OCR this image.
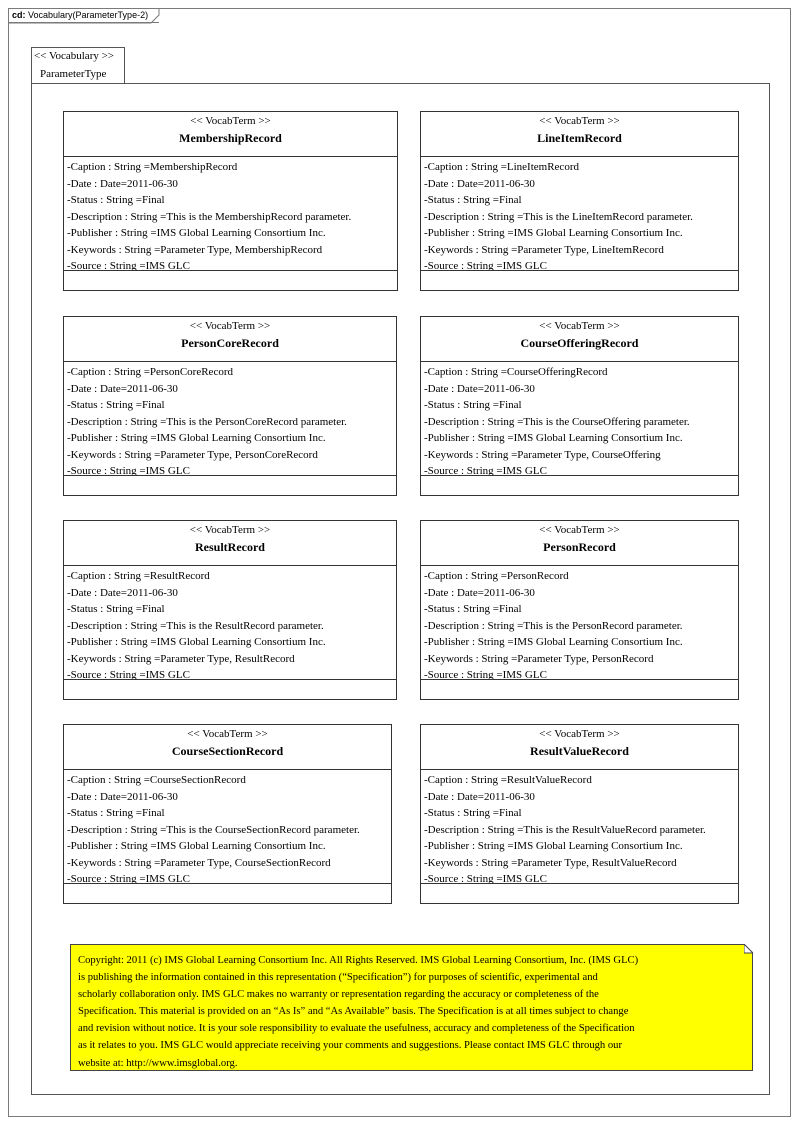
cd: Vocabulary(ParameterType-2)
<< Vocabulary >>
ParameterType
<< VocabTerm >>
MembershipRecord
-Caption : String =MembershipRecord
-Date : Date=2011-06-30
-Status : String =Final
-Description : String =This is the MembershipRecord parameter.
-Publisher : String =IMS Global Learning Consortium Inc.
-Keywords : String =Parameter Type, MembershipRecord
-Source : String =IMS GLC
<< VocabTerm >>
LineItemRecord
-Caption : String =LineItemRecord
-Date : Date=2011-06-30
-Status : String =Final
-Description : String =This is the LineItemRecord parameter.
-Publisher : String =IMS Global Learning Consortium Inc.
-Keywords : String =Parameter Type, LineItemRecord
-Source : String =IMS GLC
<< VocabTerm >>
PersonCoreRecord
-Caption : String =PersonCoreRecord
-Date : Date=2011-06-30
-Status : String =Final
-Description : String =This is the PersonCoreRecord parameter.
-Publisher : String =IMS Global Learning Consortium Inc.
-Keywords : String =Parameter Type, PersonCoreRecord
-Source : String =IMS GLC
<< VocabTerm >>
CourseOfferingRecord
-Caption : String =CourseOfferingRecord
-Date : Date=2011-06-30
-Status : String =Final
-Description : String =This is the CourseOffering parameter.
-Publisher : String =IMS Global Learning Consortium Inc.
-Keywords : String =Parameter Type, CourseOffering
-Source : String =IMS GLC
<< VocabTerm >>
ResultRecord
-Caption : String =ResultRecord
-Date : Date=2011-06-30
-Status : String =Final
-Description : String =This is the ResultRecord parameter.
-Publisher : String =IMS Global Learning Consortium Inc.
-Keywords : String =Parameter Type, ResultRecord
-Source : String =IMS GLC
<< VocabTerm >>
PersonRecord
-Caption : String =PersonRecord
-Date : Date=2011-06-30
-Status : String =Final
-Description : String =This is the PersonRecord parameter.
-Publisher : String =IMS Global Learning Consortium Inc.
-Keywords : String =Parameter Type, PersonRecord
-Source : String =IMS GLC
<< VocabTerm >>
CourseSectionRecord
-Caption : String =CourseSectionRecord
-Date : Date=2011-06-30
-Status : String =Final
-Description : String =This is the CourseSectionRecord parameter.
-Publisher : String =IMS Global Learning Consortium Inc.
-Keywords : String =Parameter Type, CourseSectionRecord
-Source : String =IMS GLC
<< VocabTerm >>
ResultValueRecord
-Caption : String =ResultValueRecord
-Date : Date=2011-06-30
-Status : String =Final
-Description : String =This is the ResultValueRecord parameter.
-Publisher : String =IMS Global Learning Consortium Inc.
-Keywords : String =Parameter Type, ResultValueRecord
-Source : String =IMS GLC
Copyright: 2011 (c) IMS Global Learning Consortium Inc. All Rights Reserved. IMS Global Learning Consortium, Inc. (IMS GLC)
is publishing the information contained in this representation (“Specification”) for purposes of scientific, experimental and
scholarly collaboration only. IMS GLC makes no warranty or representation regarding the accuracy or completeness of the
Specification. This material is provided on an “As Is” and “As Available” basis. The Specification is at all times subject to change
and revision without notice. It is your sole responsibility to evaluate the usefulness, accuracy and completeness of the Specification
as it relates to you. IMS GLC would appreciate receiving your comments and suggestions. Please contact IMS GLC through our
website at: http://www.imsglobal.org.
